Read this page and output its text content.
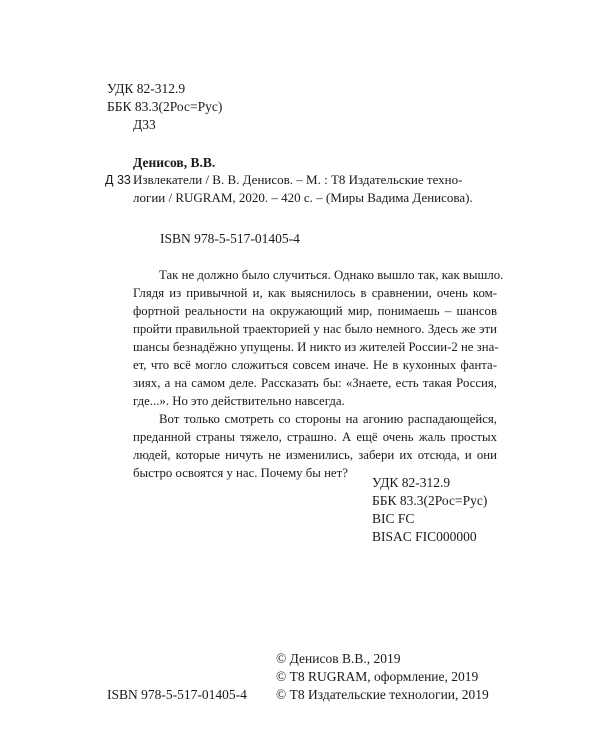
УДК 82-312.9
ББК 83.3(2Рос=Рус)
Д33
Денисов, В.В.
Д 33 Извлекатели / В. В. Денисов. – М. : Т8 Издательские техно-
логии / RUGRAM, 2020. – 420 с. – (Миры Вадима Денисова).
ISBN 978-5-517-01405-4
Так не должно было случиться. Однако вышло так, как вышло.
Глядя из привычной и, как выяснилось в сравнении, очень ком-
фортной реальности на окружающий мир, понимаешь – шансов
пройти правильной траекторией у нас было немного. Здесь же эти
шансы безнадёжно упущены. И никто из жителей России-2 не зна-
ет, что всё могло сложиться совсем иначе. Не в кухонных фанта-
зиях, а на самом деле. Рассказать бы: «Знаете, есть такая Россия,
где...». Но это действительно навсегда.
Вот только смотреть со стороны на агонию распадающейся,
преданной страны тяжело, страшно. А ещё очень жаль простых
людей, которые ничуть не изменились, забери их отсюда, и они
быстро освоятся у нас. Почему бы нет?
УДК 82-312.9
ББК 83.3(2Рос=Рус)
BIC FC
BISAC FIC000000
© Денисов В.В., 2019
© Т8 RUGRAM, оформление, 2019
© Т8 Издательские технологии, 2019
ISBN 978-5-517-01405-4
